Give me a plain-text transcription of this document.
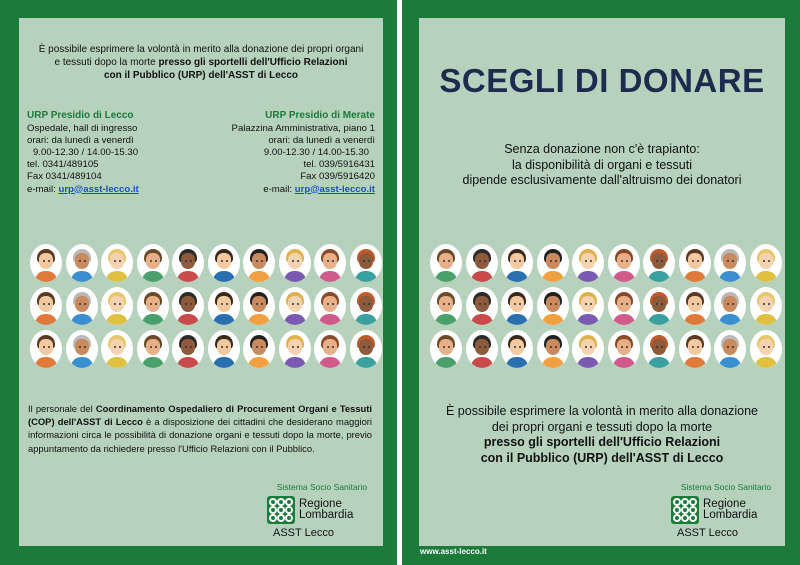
È possibile esprimere la volontà in merito alla donazione dei propri organi
e tessuti dopo la morte presso gli sportelli dell'Ufficio Relazioni
con il Pubblico (URP) dell'ASST di Lecco
URP Presidio di Lecco
Ospedale, hall di ingresso
orari: da lunedì a venerdì
9.00-12.30 / 14.00-15.30
tel. 0341/489105
Fax 0341/489104
e-mail: urp@asst-lecco.it
URP Presidio di Merate
Palazzina Amministrativa, piano 1
orari: da lunedì a venerdì
9.00-12.30 / 14.00-15.30
tel. 039/5916431
Fax 039/5916420
e-mail: urp@asst-lecco.it
Il personale del Coordinamento Ospedaliero di Procurement Organi e Tessuti (COP) dell'ASST di Lecco è a disposizione dei cittadini che desiderano maggiori informazioni circa le possibilità di donazione organi e tessuti dopo la morte, previo appuntamento da richiedere presso l'Ufficio Relazioni con il Pubblico.
Sistema Socio Sanitario
Regione
Lombardia
ASST Lecco
SCEGLI DI DONARE
Senza donazione non c'è trapianto:
la disponibilità di organi e tessuti
dipende esclusivamente dall'altruismo dei donatori
È possibile esprimere la volontà in merito alla donazione
dei propri organi e tessuti dopo la morte
presso gli sportelli dell'Ufficio Relazioni
con il Pubblico (URP) dell'ASST di Lecco
Sistema Socio Sanitario
Regione
Lombardia
ASST Lecco
www.asst-lecco.it
